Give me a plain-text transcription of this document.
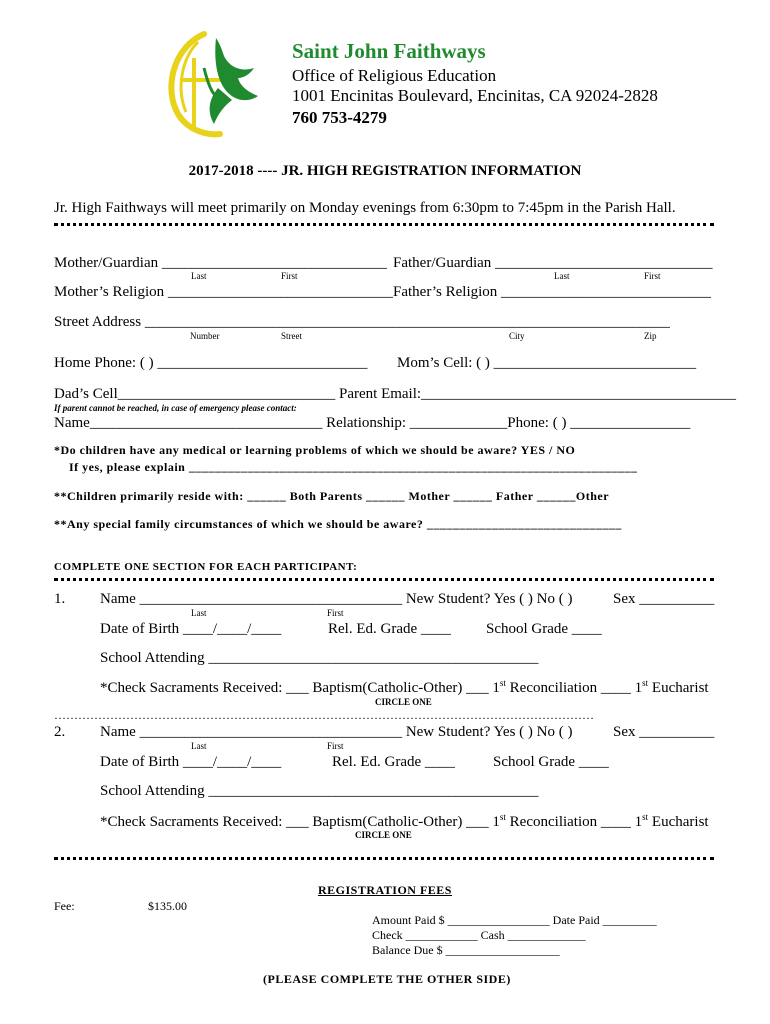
Saint John Faithways
Office of Religious Education
1001 Encinitas Boulevard, Encinitas, CA 92024-2828
760 753-4279
2017-2018 ---- JR. HIGH REGISTRATION INFORMATION
Jr. High Faithways will meet primarily on Monday evenings from 6:30pm to 7:45pm in the Parish Hall.
Mother/Guardian ______________________________ Father/Guardian _____________________________
Last	First	Last	First
Mother’s Religion ______________________________ Father’s Religion ____________________________
Street Address ______________________________________________________________________
Number	Street	City	Zip
Home Phone: ( ) ____________________________ Mom’s Cell: ( ) ___________________________
Dad’s Cell_____________________________ Parent Email:__________________________________________
If parent cannot be reached, in case of emergency please contact:
Name_______________________________ Relationship: _____________Phone: ( ) ________________
*Do children have any medical or learning problems of which we should be aware? YES / NO
If yes, please explain _____________________________________________________________________
**Children primarily reside with: ______ Both Parents ______ Mother ______ Father ______Other
**Any special family circumstances of which we should be aware? ______________________________
COMPLETE ONE SECTION FOR EACH PARTICIPANT:
1. Name ___________________________________ New Student? Yes ( ) No ( )	Sex __________
Last	First
Date of Birth ____/____/____	Rel. Ed. Grade ____ School Grade ____
School Attending ____________________________________________
*Check Sacraments Received: ___ Baptism(Catholic-Other) ___ 1st Reconciliation ____ 1st Eucharist
CIRCLE ONE
………………………………………………………………………………………………………………………
2. Name ___________________________________ New Student? Yes ( ) No ( )	Sex __________
Last	First
Date of Birth ____/____/____	Rel. Ed. Grade ____	School Grade ____
School Attending ____________________________________________
*Check Sacraments Received: ___ Baptism(Catholic-Other) ___ 1st Reconciliation ____ 1st Eucharist
CIRCLE ONE
REGISTRATION FEES
Fee:	$135.00
Amount Paid $ _________________ Date Paid _________
Check ____________ Cash _____________
Balance Due $ ___________________
(PLEASE COMPLETE THE OTHER SIDE)
